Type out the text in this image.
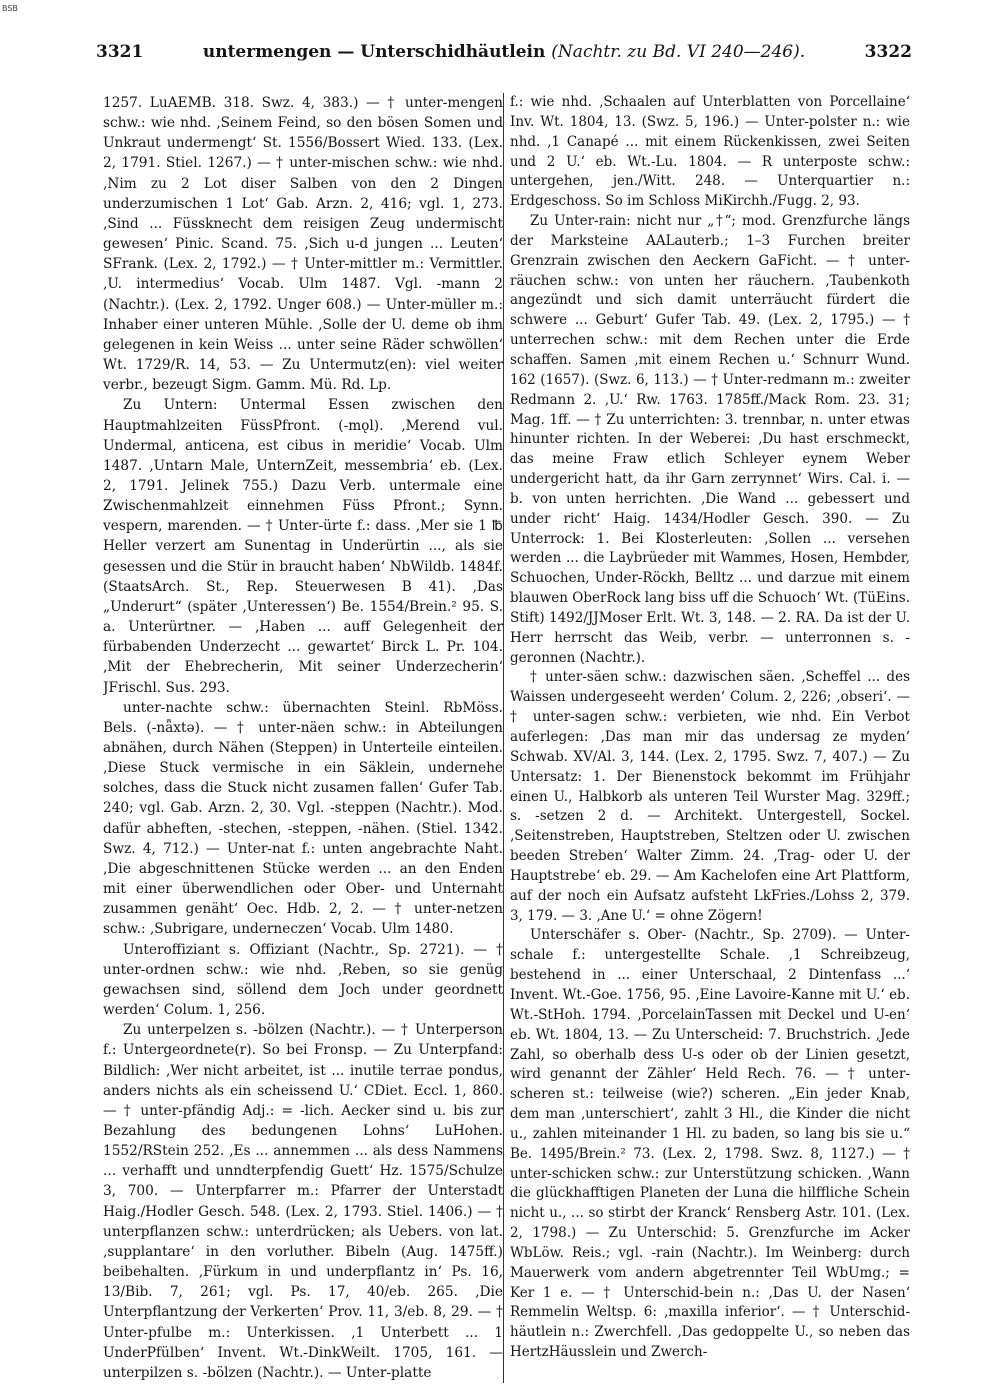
BSB
3321	untermengen — Unterschidhäutlein (Nachtr. zu Bd. VI 240—246).	3322

1257. LuAEMB. 318. Swz. 4, 383.) — † unter-mengen schw.: wie nhd. ‚Seinem Feind, so den bösen Somen und Unkraut undermengt‘ St. 1556/Bossert Wied. 133. (Lex. 2, 1791. Stiel. 1267.) — † unter-mischen schw.: wie nhd. ‚Nim zu 2 Lot diser Salben von den 2 Dingen underzumischen 1 Lot‘ Gab. Arzn. 2, 416; vgl. 1, 273. ‚Sind ... Füssknecht dem reisigen Zeug undermischt gewesen‘ Pinic. Scand. 75. ‚Sich u-d jungen ... Leuten‘ SFrank. (Lex. 2, 1792.) — † Unter-mittler m.: Vermittler. ‚U. intermedius‘ Vocab. Ulm 1487. Vgl. -mann 2 (Nachtr.). (Lex. 2, 1792. Unger 608.) — Unter-müller m.: Inhaber einer unteren Mühle. ‚Solle der U. deme ob ihm gelegenen in kein Weiss ... unter seine Räder schwöllen‘ Wt. 1729/R. 14, 53. — Zu Untermutz(en): viel weiter verbr., bezeugt Sigm. Gamm. Mü. Rd. Lp.

Zu Untern: Untermal Essen zwischen den Hauptmahlzeiten FüssPfront. (-mǫl). ‚Merend vul. Undermal, anticena, est cibus in meridie‘ Vocab. Ulm 1487. ‚Untarn Male, UnternZeit, messembria‘ eb. (Lex. 2, 1791. Jelinek 755.) Dazu Verb. untermale eine Zwischenmahlzeit einnehmen Füss Pfront.; Synn. vespern, marenden. — † Unter-ürte f.: dass. ‚Mer sie 1 ℔ Heller verzert am Sunentag in Underürtin ..., als sie gesessen und die Stür in braucht haben‘ NbWildb. 1484f. (StaatsArch. St., Rep. Steuerwesen B 41). ‚Das „Underurt“ (später ‚Unteressen‘) Be. 1554/Brein.² 95. S. a. Unterürtner. — ‚Haben ... auff Gelegenheit der fürbabenden Underzecht ... gewartet‘ Birck L. Pr. 104. ‚Mit der Ehebrecherin, Mit seiner Underzecherin‘ JFrischl. Sus. 293.

unter-nachte schw.: übernachten Steinl. RbMöss. Bels. (-nǟxtə). — † unter-näen schw.: in Abteilungen abnähen, durch Nähen (Steppen) in Unterteile einteilen. ‚Diese Stuck vermische in ein Säklein, undernehe solches, dass die Stuck nicht zusamen fallen‘ Gufer Tab. 240; vgl. Gab. Arzn. 2, 30. Vgl. -steppen (Nachtr.). Mod. dafür abheften, -stechen, -steppen, -nähen. (Stiel. 1342. Swz. 4, 712.) — Unter-nat f.: unten angebrachte Naht. ‚Die abgeschnittenen Stücke werden ... an den Enden mit einer überwendlichen oder Ober- und Unternaht zusammen genäht‘ Oec. Hdb. 2, 2. — † unter-netzen schw.: ‚Subrigare, underneczen‘ Vocab. Ulm 1480.

Unteroffiziant s. Offiziant (Nachtr., Sp. 2721). — † unter-ordnen schw.: wie nhd. ‚Reben, so sie genüg gewachsen sind, söllend dem Joch under geordnett werden‘ Colum. 1, 256.

Zu unterpelzen s. -bölzen (Nachtr.). — † Unterperson f.: Untergeordnete(r). So bei Fronsp. — Zu Unterpfand: Bildlich: ‚Wer nicht arbeitet, ist ... inutile terrae pondus, anders nichts als ein scheissend U.‘ CDiet. Eccl. 1, 860. — † unter-pfändig Adj.: = -lich. Aecker sind u. bis zur Bezahlung des bedungenen Lohns‘ LuHohen. 1552/RStein 252. ‚Es ... annemmen ... als dess Nammens ... verhafft und unndterpfendig Guett‘ Hz. 1575/Schulze 3, 700. — Unterpfarrer m.: Pfarrer der Unterstadt Haig./Hodler Gesch. 548. (Lex. 2, 1793. Stiel. 1406.) — † unterpflanzen schw.: unterdrücken; als Uebers. von lat. ‚supplantare‘ in den vorluther. Bibeln (Aug. 1475ff.) beibehalten. ‚Fürkum in und underpflantz in‘ Ps. 16, 13/Bib. 7, 261; vgl. Ps. 17, 40/eb. 265. ‚Die Unterpflantzung der Verkerten‘ Prov. 11, 3/eb. 8, 29. — † Unter-pfulbe m.: Unterkissen. ‚1 Unterbett ... 1 UnderPfülben‘ Invent. Wt.-DinkWeilt. 1705, 161. — unterpilzen s. -bölzen (Nachtr.). — Unter-platte

f.: wie nhd. ‚Schaalen auf Unterblatten von Porcellaine‘ Inv. Wt. 1804, 13. (Swz. 5, 196.) — Unter-polster n.: wie nhd. ‚1 Canapé ... mit einem Rückenkissen, zwei Seiten und 2 U.‘ eb. Wt.-Lu. 1804. — R unterposte schw.: untergehen, jen./Witt. 248. — Unterquartier n.: Erdgeschoss. So im Schloss MiKirchh./Fugg. 2, 93.

Zu Unter-rain: nicht nur „†“; mod. Grenzfurche längs der Marksteine AALauterb.; 1–3 Furchen breiter Grenzrain zwischen den Aeckern GaFicht. — † unter-räuchen schw.: von unten her räuchern. ‚Taubenkoth angezündt und sich damit unterräucht fürdert die schwere ... Geburt‘ Gufer Tab. 49. (Lex. 2, 1795.) — † unterrechen schw.: mit dem Rechen unter die Erde schaffen. Samen ‚mit einem Rechen u.‘ Schnurr Wund. 162 (1657). (Swz. 6, 113.) — † Unter-redmann m.: zweiter Redmann 2. ‚U.‘ Rw. 1763. 1785ff./Mack Rom. 23. 31; Mag. 1ff. — † Zu unterrichten: 3. trennbar, n. unter etwas hinunter richten. In der Weberei: ‚Du hast erschmeckt, das meine Fraw etlich Schleyer eynem Weber undergericht hatt, da ihr Garn zerrynnet‘ Wirs. Cal. i. — b. von unten herrichten. ‚Die Wand ... gebessert und under richt‘ Haig. 1434/Hodler Gesch. 390. — Zu Unterrock: 1. Bei Klosterleuten: ‚Sollen ... versehen werden ... die Laybrüeder mit Wammes, Hosen, Hembder, Schuochen, Under-Röckh, Belltz ... und darzue mit einem blauwen OberRock lang biss uff die Schuoch‘ Wt. (TüEins. Stift) 1492/JJMoser Erlt. Wt. 3, 148. — 2. RA. Da ist der U. Herr herrscht das Weib, verbr. — unterronnen s. -geronnen (Nachtr.).

† unter-säen schw.: dazwischen säen. ‚Scheffel ... des Waissen undergeseeht werden‘ Colum. 2, 226; ‚obseri‘. — † unter-sagen schw.: verbieten, wie nhd. Ein Verbot auferlegen: ‚Das man mir das undersag ze myden‘ Schwab. XV/Al. 3, 144. (Lex. 2, 1795. Swz. 7, 407.) — Zu Untersatz: 1. Der Bienenstock bekommt im Frühjahr einen U., Halbkorb als unteren Teil Wurster Mag. 329ff.; s. -setzen 2 d. — Architekt. Untergestell, Sockel. ‚Seitenstreben, Hauptstreben, Steltzen oder U. zwischen beeden Streben‘ Walter Zimm. 24. ‚Trag- oder U. der Hauptstrebe‘ eb. 29. — Am Kachelofen eine Art Plattform, auf der noch ein Aufsatz aufsteht LkFries./Lohss 2, 379. 3, 179. — 3. ‚Ane U.‘ = ohne Zögern!

Unterschäfer s. Ober- (Nachtr., Sp. 2709). — Unter-schale f.: untergestellte Schale. ‚1 Schreibzeug, bestehend in ... einer Unterschaal, 2 Dintenfass ...‘ Invent. Wt.-Goe. 1756, 95. ‚Eine Lavoire-Kanne mit U.‘ eb. Wt.-StHoh. 1794. ‚PorcelainTassen mit Deckel und U-en‘ eb. Wt. 1804, 13. — Zu Unterscheid: 7. Bruchstrich. ‚Jede Zahl, so oberhalb dess U-s oder ob der Linien gesetzt, wird genannt der Zähler‘ Held Rech. 76. — † unter-scheren st.: teilweise (wie?) scheren. „Ein jeder Knab, dem man ‚unterschiert‘, zahlt 3 Hl., die Kinder die nicht u., zahlen miteinander 1 Hl. zu baden, so lang bis sie u.“ Be. 1495/Brein.² 73. (Lex. 2, 1798. Swz. 8, 1127.) — † unter-schicken schw.: zur Unterstützung schicken. ‚Wann die glückhafftigen Planeten der Luna die hilffliche Schein nicht u., ... so stirbt der Kranck‘ Rensberg Astr. 101. (Lex. 2, 1798.) — Zu Unterschid: 5. Grenzfurche im Acker WbLöw. Reis.; vgl. -rain (Nachtr.). Im Weinberg: durch Mauerwerk vom andern abgetrennter Teil WbUmg.; = Ker 1 e. — † Unterschid-bein n.: ‚Das U. der Nasen‘ Remmelin Weltsp. 6: ‚maxilla inferior‘. — † Unterschid-häutlein n.: Zwerchfell. ‚Das gedoppelte U., so neben das HertzHäusslein und Zwerch-
